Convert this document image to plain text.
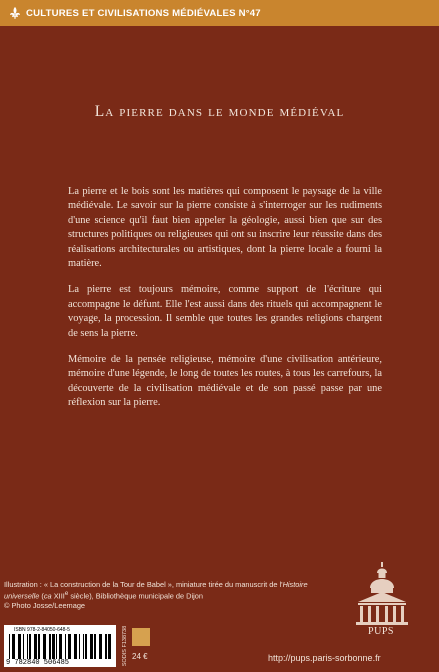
CULTURES ET CIVILISATIONS MÉDIÉVALES N°47
La pierre dans le monde médiéval

La pierre et le bois sont les matières qui composent le paysage de la ville médiévale. Le savoir sur la pierre consiste à s'interroger sur les rudiments d'une science qu'il faut bien appeler la géologie, aussi bien que sur des structures politiques ou religieuses qui ont su inscrire leur réussite dans des réalisations architecturales ou artistiques, dont la pierre locale a fourni la matière.

La pierre est toujours mémoire, comme support de l'écriture qui accompagne le défunt. Elle l'est aussi dans des rituels qui accompagnent le voyage, la procession. Il semble que toutes les grandes religions chargent de sens la pierre.

Mémoire de la pensée religieuse, mémoire d'une civilisation antérieure, mémoire d'une légende, le long de toutes les routes, à tous les carrefours, la découverte de la civilisation médiévale et de son passé passe par une réflexion sur la pierre.

Illustration : « La construction de la Tour de Babel », miniature tirée du manuscrit de l'Histoire universelle (ca XIIIe siècle), Bibliothèque municipale de Dijon
© Photo Josse/Leemage
ISBN 978-2-84050-648-5
9 782840 506485	SODIS F138738 24 €
PUPS
http://pups.paris-sorbonne.fr
